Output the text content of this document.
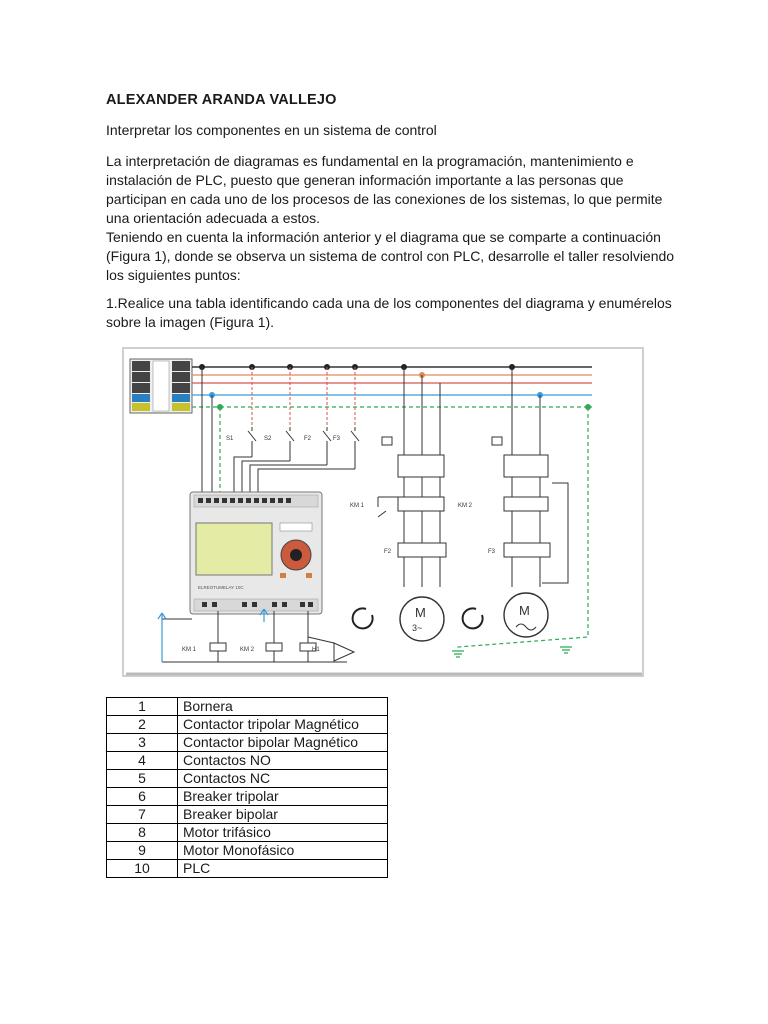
ALEXANDER ARANDA VALLEJO
Interpretar los componentes en un sistema de control

La interpretación de diagramas es fundamental en la programación, mantenimiento e instalación de PLC, puesto que generan información importante a las personas que participan en cada uno de los procesos de las conexiones de los sistemas, lo que permite una orientación adecuada a estos.

Teniendo en cuenta la información anterior y el diagrama que se comparte a continuación (Figura 1), donde se observa un sistema de control con PLC, desarrolle el taller resolviendo los siguientes puntos:

1.Realice una tabla identificando cada una de los componentes del diagrama y enumérelos sobre la imagen (Figura 1).
S1	S2	F2	F3
ELREOTUMELAY 10C
KM 1	KM 2	H1
KM 1
F2
M
3~
KM 2
F3
M
1	Bornera
2	Contactor tripolar Magnético
3	Contactor bipolar Magnético
4	Contactos NO
5	Contactos NC
6	Breaker tripolar
7	Breaker bipolar
8	Motor trifásico
9	Motor Monofásico
10	PLC
